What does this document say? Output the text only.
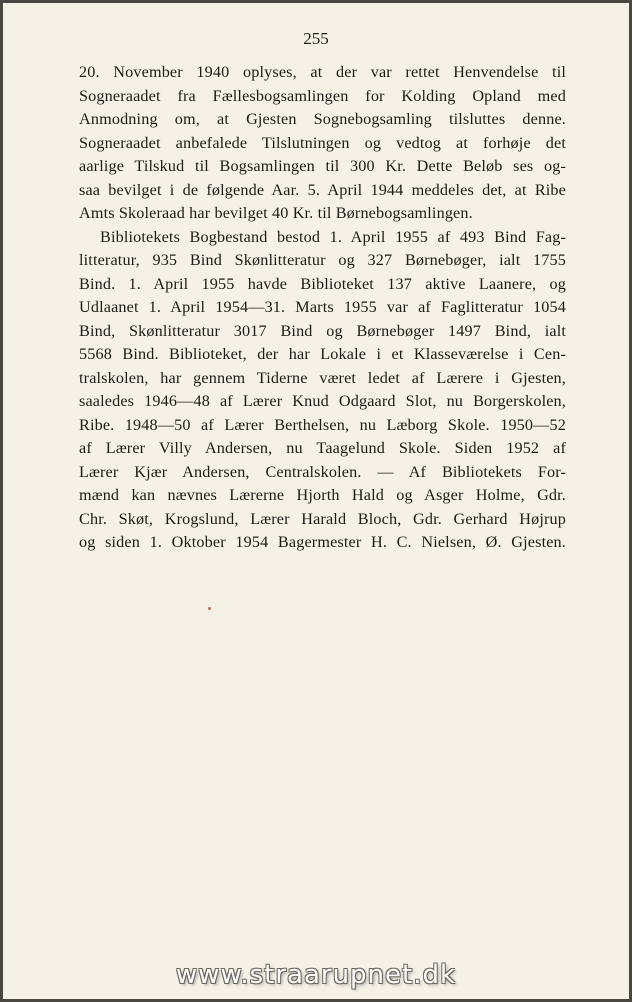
255
20. November 1940 oplyses, at der var rettet Henvendelse til
Sogneraadet fra Fællesbogsamlingen for Kolding Opland med
Anmodning om, at Gjesten Sognebogsamling tilsluttes denne.
Sogneraadet anbefalede Tilslutningen og vedtog at forhøje det
aarlige Tilskud til Bogsamlingen til 300 Kr. Dette Beløb ses og-
saa bevilget i de følgende Aar. 5. April 1944 meddeles det, at Ribe
Amts Skoleraad har bevilget 40 Kr. til Børnebogsamlingen.
Bibliotekets Bogbestand bestod 1. April 1955 af 493 Bind Fag-
litteratur, 935 Bind Skønlitteratur og 327 Børnebøger, ialt 1755
Bind. 1. April 1955 havde Biblioteket 137 aktive Laanere, og
Udlaanet 1. April 1954—31. Marts 1955 var af Faglitteratur 1054
Bind, Skønlitteratur 3017 Bind og Børnebøger 1497 Bind, ialt
5568 Bind. Biblioteket, der har Lokale i et Klasseværelse i Cen-
tralskolen, har gennem Tiderne været ledet af Lærere i Gjesten,
saaledes 1946—48 af Lærer Knud Odgaard Slot, nu Borgerskolen,
Ribe. 1948—50 af Lærer Berthelsen, nu Læborg Skole. 1950—52
af Lærer Villy Andersen, nu Taagelund Skole. Siden 1952 af
Lærer Kjær Andersen, Centralskolen. — Af Bibliotekets For-
mænd kan nævnes Lærerne Hjorth Hald og Asger Holme, Gdr.
Chr. Skøt, Krogslund, Lærer Harald Bloch, Gdr. Gerhard Højrup
og siden 1. Oktober 1954 Bagermester H. C. Nielsen, Ø. Gjesten.
www.straarupnet.dk
